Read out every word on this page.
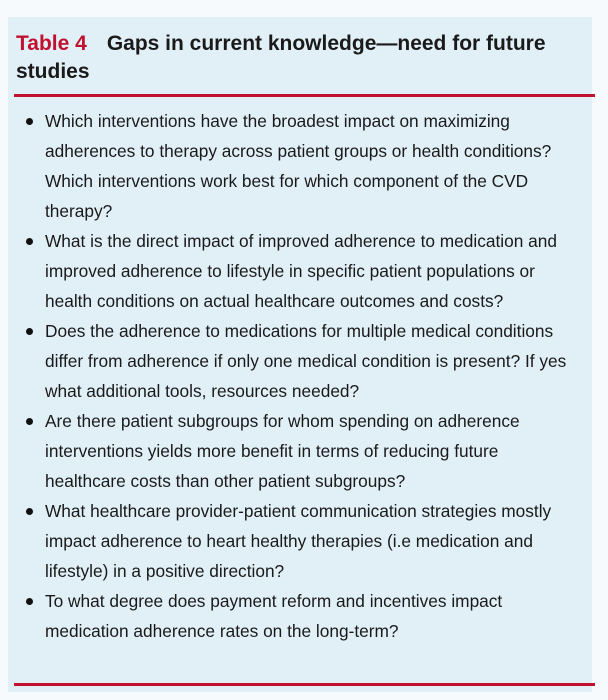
Table 4 Gaps in current knowledge—need for future studies
Which interventions have the broadest impact on maximizing adherences to therapy across patient groups or health conditions? Which interventions work best for which component of the CVD therapy?
What is the direct impact of improved adherence to medication and improved adherence to lifestyle in specific patient populations or health conditions on actual healthcare outcomes and costs?
Does the adherence to medications for multiple medical conditions differ from adherence if only one medical condition is present? If yes what additional tools, resources needed?
Are there patient subgroups for whom spending on adherence interventions yields more benefit in terms of reducing future healthcare costs than other patient subgroups?
What healthcare provider-patient communication strategies mostly impact adherence to heart healthy therapies (i.e medication and lifestyle) in a positive direction?
To what degree does payment reform and incentives impact medication adherence rates on the long-term?
